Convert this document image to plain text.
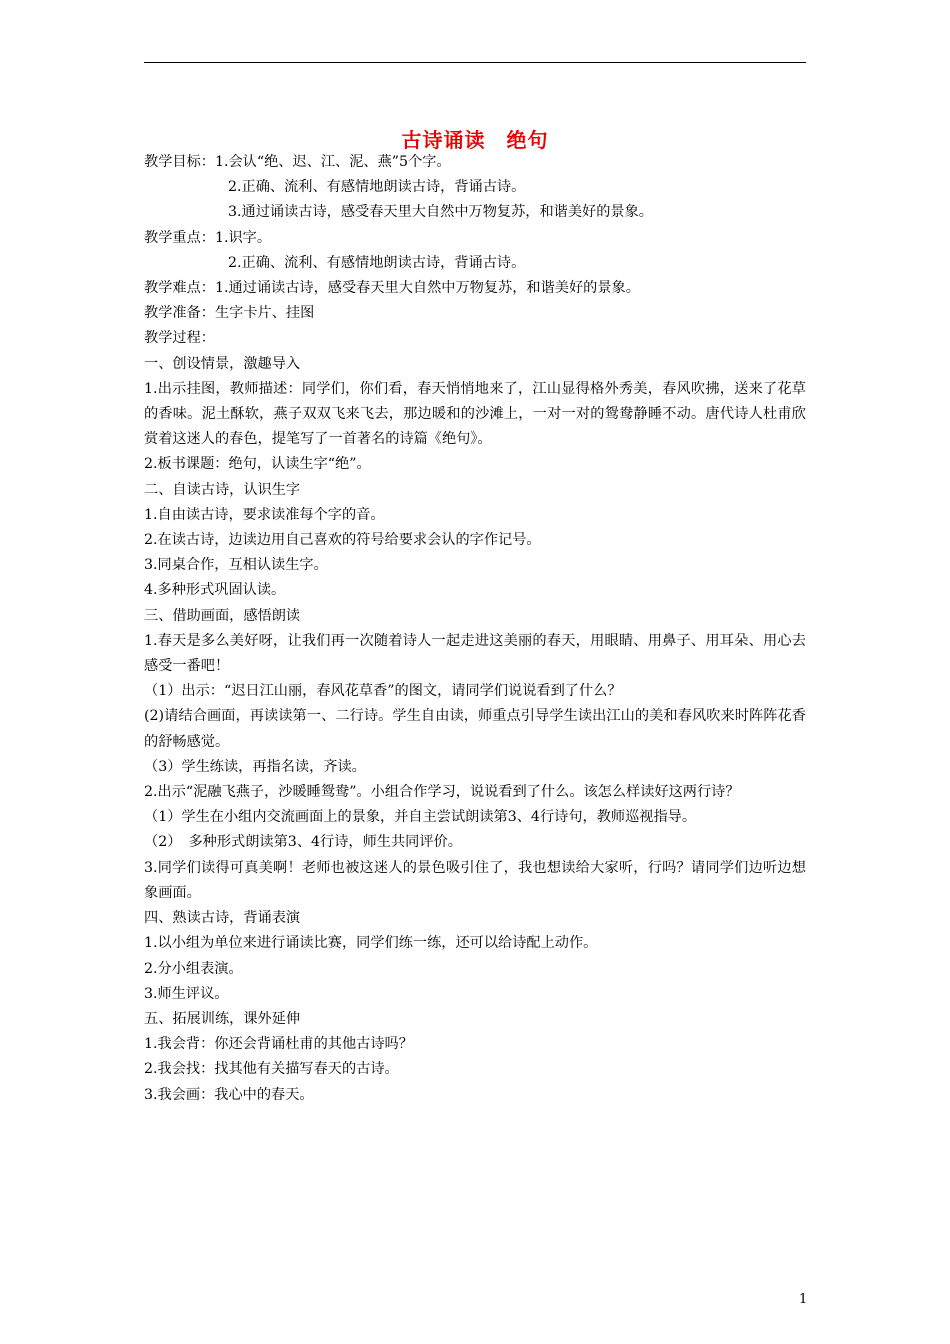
古诗诵读　绝句

教学目标：1.会认“绝、迟、江、泥、燕”5个字。

2.正确、流利、有感情地朗读古诗，背诵古诗。

3.通过诵读古诗，感受春天里大自然中万物复苏，和谐美好的景象。

教学重点：1.识字。

2.正确、流利、有感情地朗读古诗，背诵古诗。

教学难点：1.通过诵读古诗，感受春天里大自然中万物复苏，和谐美好的景象。

教学准备：生字卡片、挂图

教学过程：

一、创设情景，激趣导入

1.出示挂图，教师描述：同学们，你们看，春天悄悄地来了，江山显得格外秀美，春风吹拂，送来了花草的香味。泥土酥软，燕子双双飞来飞去，那边暖和的沙滩上，一对一对的鸳鸯静睡不动。唐代诗人杜甫欣赏着这迷人的春色，提笔写了一首著名的诗篇《绝句》。

2.板书课题：绝句，认读生字“绝”。

二、自读古诗，认识生字

1.自由读古诗，要求读准每个字的音。

2.在读古诗，边读边用自己喜欢的符号给要求会认的字作记号。

3.同桌合作，互相认读生字。

4.多种形式巩固认读。

三、借助画面，感悟朗读

1.春天是多么美好呀，让我们再一次随着诗人一起走进这美丽的春天，用眼睛、用鼻子、用耳朵、用心去感受一番吧！

（1）出示：“迟日江山丽，春风花草香”的图文，请同学们说说看到了什么？

(2)请结合画面，再读读第一、二行诗。学生自由读，师重点引导学生读出江山的美和春风吹来时阵阵花香的舒畅感觉。

（3）学生练读，再指名读，齐读。

2.出示“泥融飞燕子，沙暖睡鸳鸯”。小组合作学习，说说看到了什么。该怎么样读好这两行诗？

（1）学生在小组内交流画面上的景象，并自主尝试朗读第3、4行诗句，教师巡视指导。

（2）　多种形式朗读第3、4行诗，师生共同评价。

3.同学们读得可真美啊！老师也被这迷人的景色吸引住了，我也想读给大家听，行吗？请同学们边听边想象画面。

四、熟读古诗，背诵表演

1.以小组为单位来进行诵读比赛，同学们练一练，还可以给诗配上动作。

2.分小组表演。

3.师生评议。

五、拓展训练，课外延伸

1.我会背：你还会背诵杜甫的其他古诗吗？

2.我会找：找其他有关描写春天的古诗。

3.我会画：我心中的春天。

1
